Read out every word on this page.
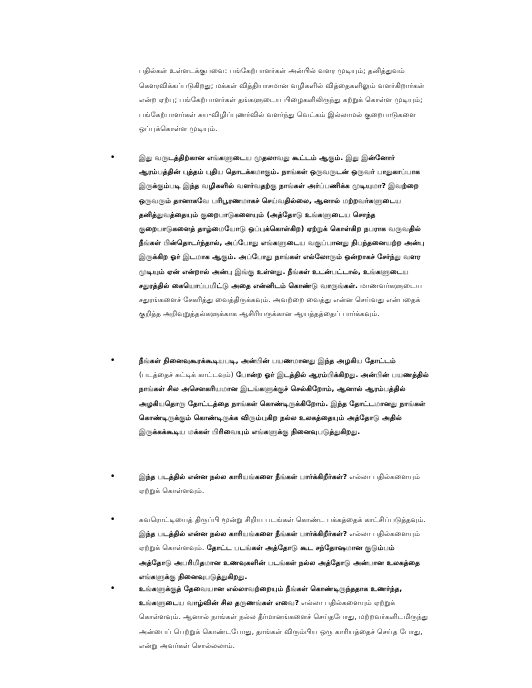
பதில்கள் உள்ளடக்குபவை: பங்கேற்பாளர்கள் அன்பில் வளர முடியும்; தனித்துவம் கௌரவிக்கப்படுகிறது; மக்கள் வித்தியாசமான வழிகளில் வித்தைகளிலும் வளர்கிறார்கள் என்ற ஏற்பு; பங்கேற்பாளர்கள் தங்களுடைய பிழைகளிலிருந்து கற்றுக் கொள்ள முடியும்; பங்கேற்பாளர்கள் சுய-விழிப்புணர்வில் வளர்ந்து வெட்கம் இல்லாமல் குறைபாடுகளை ஒப்புக்கொள்ள முடியும்.

•	இது வருடத்திற்கான எங்களுடைய முதலாவது கூட்டம் ஆகும். இது இன்னோர் ஆரம்பத்தின் புத்தம் புதிய தொடக்கமாகும். நாங்கள் ஒருவருடன் ஒருவர் பாதுகாப்பாக இருக்கும்படி இந்த வழிகளில் வளர்வதற்கு நாங்கள் அர்ப்பணிக்க முடியுமா? இவற்றை ஒருவரும் தானாகவே பரிபூரணமாகச் செய்வதில்லை, ஆனால் மற்றவர்களுடைய தனித்துவத்தையும் குறைபாடுகளையும் (அத்தோடு உங்களுடைய சொந்த குறைபாடுகளைத் தாழ்மையோடு ஒப்புக்கொள்கிற) ஏற்றுக் கொள்கிற நபராக வருவதில் நீங்கள் பின்தொடர்ந்தால், அப்போது எங்களுடைய வகுப்பானது நிபந்தனையற்ற அன்பு இருக்கிற ஓர் இடமாக ஆகும். அப்போது நாங்கள் எல்லோரும் ஒன்றாகச் சேர்ந்து வளர முடியும் ஏன் என்றால் அன்பு இங்கு உள்ளது. நீங்கள் உடன்பட்டால், உங்களுடைய சதுரத்தில் கையொப்பமிட்டு அதை என்னிடம் கொண்டு வாருங்கள். மாணவர்களுடைய சதுரங்களைச் சேகரித்து வைத்திருக்கவும். அவற்றை வைத்து என்ன செய்வது என்பதைக் குறித்த அறிவுறுத்தல்களுக்காக ஆசிரியருக்கான ஆயத்தத்தைப் பார்க்கவும்.

•	நீங்கள் நினைவுகூரக்கூடியபடி, அன்பின் பயணமானது இந்த அழகிய தோட்டம் (படத்தைச் சுட்டிக் காட்டவும்) போன்ற ஓர் இடத்தில் ஆரம்பிக்கிறது. அன்பின் பயணத்தில் நாங்கள் சில அசௌகரியமான இடங்களுக்குச் செல்கிறோம், ஆனால் ஆரம்பத்தில் அழகியதொரு தோட்டத்தை நாங்கள் கொண்டிருக்கிறோம். இந்த தோட்டமானது நாங்கள் கொண்டிருக்கும் கொண்டிருக்க விரும்புகிற நல்ல உலகத்தையும் அத்தோடு அதில் இருக்கக்கூடிய மக்கள் பிரிவையும் எங்களுக்கு நினைவுபடுத்துகிறது.

•	இந்த படத்தில் என்ன நல்ல காரியங்களை நீங்கள் பார்க்கிறீர்கள்? எல்லா பதில்களையும் ஏற்றுக் கொள்ளவும்.

•	சுவரொட்டியைத் திருப்பி மூன்று சிறிய படங்கள் கொண்ட பக்கத்தைக் காட்சிப்படுத்தவும். இந்த படத்தில் என்ன நல்ல காரியங்களை நீங்கள் பார்க்கிறீர்கள்? எல்லா பதில்களையும் ஏற்றுக் கொள்ளவும். தோட்ட படங்கள் அத்தோடு கூட சந்தோஷமான குடும்பம் அத்தோடு அபரிமிதமான உணவுகளின் படங்கள் நல்ல அத்தோடு அன்பான உலகத்தை எங்களுக்கு நினைவுபடுத்துகிறது.

•	உங்களுக்குத் தேவையான எல்லாவற்றையும் நீங்கள் கொண்டிருந்ததாக உணர்ந்த, உங்களுடைய வாழ்வின் சில தருணங்கள் எவை? எல்லா பதில்களையும் ஏற்றுக் கொள்ளவும். ஆனால் நாங்கள் நல்ல தீர்மானங்களைச் செய்தபோது, மற்றவர்களிடமிருந்து அன்பைப் பெற்றுக் கொண்டபோது, தாங்கள் விரும்பிய ஒரு காரியத்தைச் செய்த போது, என்று அவர்கள் சொல்லலாம்.
